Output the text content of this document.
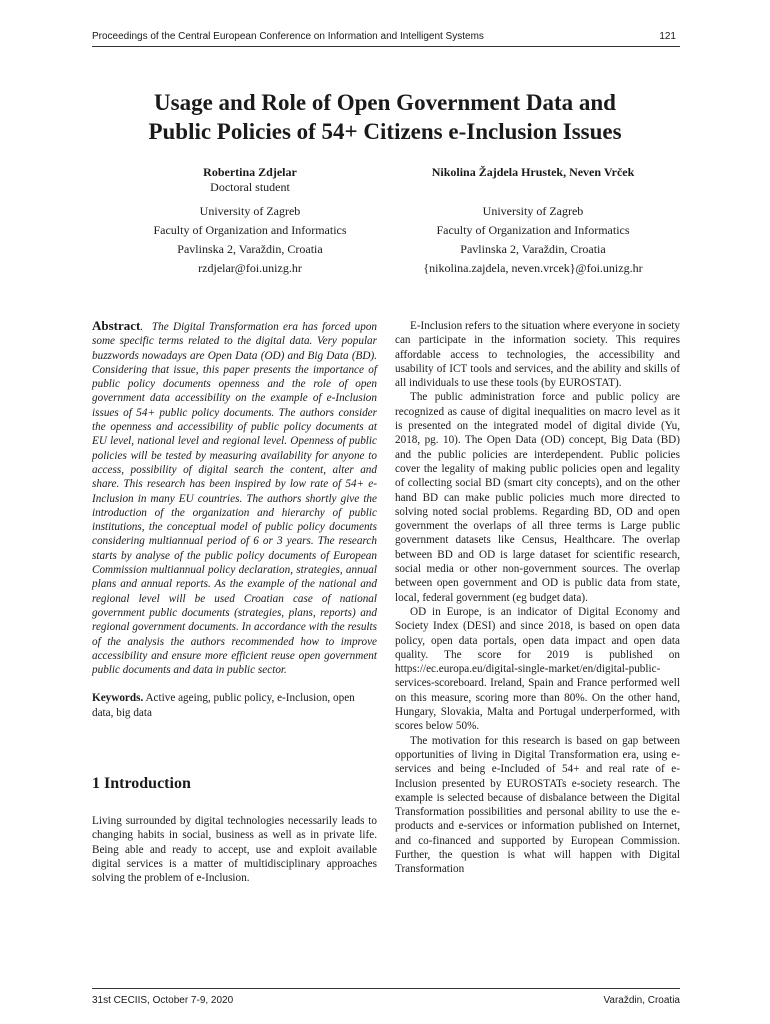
Proceedings of the Central European Conference on Information and Intelligent Systems	121
Usage and Role of Open Government Data and
Public Policies of 54+ Citizens e-Inclusion Issues
Robertina Zdjelar
Doctoral student
University of Zagreb
Faculty of Organization and Informatics
Pavlinska 2, Varaždin, Croatia
rzdjelar@foi.unizg.hr
Nikolina Žajdela Hrustek, Neven Vrček
University of Zagreb
Faculty of Organization and Informatics
Pavlinska 2, Varaždin, Croatia
{nikolina.zajdela, neven.vrcek}@foi.unizg.hr

Abstract.  The Digital Transformation era has forced upon some specific terms related to the digital data. Very popular buzzwords nowadays are Open Data (OD) and Big Data (BD). Considering that issue, this paper presents the importance of public policy documents openness and the role of open government data accessibility on the example of e-Inclusion issues of 54+ public policy documents. The authors consider the openness and accessibility of public policy documents at EU level, national level and regional level. Openness of public policies will be tested by measuring availability for anyone to access, possibility of digital search the content, alter and share. This research has been inspired by low rate of 54+ e-Inclusion in many EU countries. The authors shortly give the introduction of the organization and hierarchy of public institutions, the conceptual model of public policy documents considering multiannual period of 6 or 3 years. The research starts by analyse of the public policy documents of European Commission multiannual policy declaration, strategies, annual plans and annual reports. As the example of the national and regional level will be used Croatian case of national government public documents (strategies, plans, reports) and regional government documents. In accordance with the results of the analysis the authors recommended how to improve accessibility and ensure more efficient reuse open government public documents and data in public sector.

Keywords. Active ageing, public policy, e-Inclusion, open data, big data

1 Introduction

Living surrounded by digital technologies necessarily leads to changing habits in social, business as well as in private life. Being able and ready to accept, use and exploit available digital services is a matter of multidisciplinary approaches solving the problem of e-Inclusion.

E-Inclusion refers to the situation where everyone in society can participate in the information society. This requires affordable access to technologies, the accessibility and usability of ICT tools and services, and the ability and skills of all individuals to use these tools (by EUROSTAT).

The public administration force and public policy are recognized as cause of digital inequalities on macro level as it is presented on the integrated model of digital divide (Yu, 2018, pg. 10). The Open Data (OD) concept, Big Data (BD) and the public policies are interdependent. Public policies cover the legality of making public policies open and legality of collecting social BD (smart city concepts), and on the other hand BD can make public policies much more directed to solving noted social problems. Regarding BD, OD and open government the overlaps of all three terms is Large public government datasets like Census, Healthcare. The overlap between BD and OD is large dataset for scientific research, social media or other non-government sources. The overlap between open government and OD is public data from state, local, federal government (eg budget data).

OD in Europe, is an indicator of Digital Economy and Society Index (DESI) and since 2018, is based on open data policy, open data portals, open data impact and open data quality. The score for 2019 is published on https://ec.europa.eu/digital-single-market/en/digital-public-services-scoreboard. Ireland, Spain and France performed well on this measure, scoring more than 80%. On the other hand, Hungary, Slovakia, Malta and Portugal underperformed, with scores below 50%.

The motivation for this research is based on gap between opportunities of living in Digital Transformation era, using e-services and being e-Included of 54+ and real rate of e-Inclusion presented by EUROSTATs e-society research. The example is selected because of disbalance between the Digital Transformation possibilities and personal ability to use the e-products and e-services or information published on Internet, and co-financed and supported by European Commission. Further, the question is what will happen with Digital Transformation

31st CECIIS, October 7-9, 2020	Varaždin, Croatia
